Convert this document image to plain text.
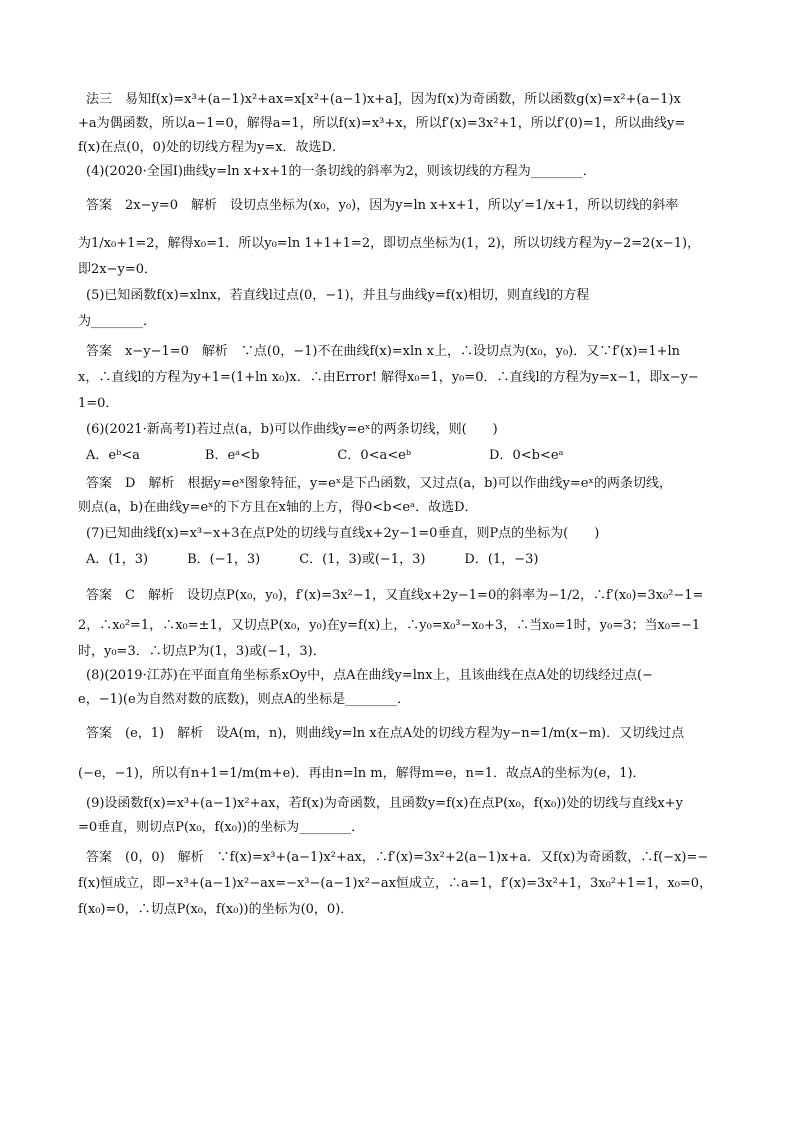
法三　易知f(x)=x³+(a−1)x²+ax=x[x²+(a−1)x+a]，因为f(x)为奇函数，所以函数g(x)=x²+(a−1)x
+a为偶函数，所以a−1=0，解得a=1，所以f(x)=x³+x，所以f′(x)=3x²+1，所以f′(0)=1，所以曲线y=
f(x)在点(0，0)处的切线方程为y=x．故选D．
(4)(2020·全国Ⅰ)曲线y=ln x+x+1的一条切线的斜率为2，则该切线的方程为________．
答案　2x−y=0　解析　设切点坐标为(x₀，y₀)，因为y=ln x+x+1，所以y′=1/x+1，所以切线的斜率
为1/x₀+1=2，解得x₀=1．所以y₀=ln 1+1+1=2，即切点坐标为(1，2)，所以切线方程为y−2=2(x−1)，
即2x−y=0．
(5)已知函数f(x)=xlnx，若直线l过点(0，−1)，并且与曲线y=f(x)相切，则直线l的方程
为________．
答案　x−y−1=0　解析　∵点(0，−1)不在曲线f(x)=xln x上，∴设切点为(x₀，y₀)．又∵f′(x)=1+ln
x，∴直线l的方程为y+1=(1+ln x₀)x．∴由Error! 解得x₀=1，y₀=0．∴直线l的方程为y=x−1，即x−y−
1=0．
(6)(2021·新高考Ⅰ)若过点(a，b)可以作曲线y=eˣ的两条切线，则(　　)
A．eᵇ<a　　　　　B．eᵃ<b　　　　　　C．0<a<eᵇ　　　　　　D．0<b<eᵃ
答案　D　解析　根据y=eˣ图象特征，y=eˣ是下凸函数，又过点(a，b)可以作曲线y=eˣ的两条切线，
则点(a，b)在曲线y=eˣ的下方且在x轴的上方，得0<b<eᵃ．故选D．
(7)已知曲线f(x)=x³−x+3在点P处的切线与直线x+2y−1=0垂直，则P点的坐标为(　　)
A．(1，3)　　　B．(−1，3)　　　C．(1，3)或(−1，3)　　　D．(1，−3)
答案　C　解析　设切点P(x₀，y₀)，f′(x)=3x²−1，又直线x+2y−1=0的斜率为−1/2，∴f′(x₀)=3x₀²−1=
2，∴x₀²=1，∴x₀=±1，又切点P(x₀，y₀)在y=f(x)上，∴y₀=x₀³−x₀+3，∴当x₀=1时，y₀=3；当x₀=−1
时，y₀=3．∴切点P为(1，3)或(−1，3)．
(8)(2019·江苏)在平面直角坐标系xOy中，点A在曲线y=lnx上，且该曲线在点A处的切线经过点(−
e，−1)(e为自然对数的底数)，则点A的坐标是________．
答案　(e，1)　解析　设A(m，n)，则曲线y=ln x在点A处的切线方程为y−n=1/m(x−m)．又切线过点
(−e，−1)，所以有n+1=1/m(m+e)．再由n=ln m，解得m=e，n=1．故点A的坐标为(e，1)．
(9)设函数f(x)=x³+(a−1)x²+ax，若f(x)为奇函数，且函数y=f(x)在点P(x₀，f(x₀))处的切线与直线x+y
=0垂直，则切点P(x₀，f(x₀))的坐标为________．
答案　(0，0)　解析　∵f(x)=x³+(a−1)x²+ax，∴f′(x)=3x²+2(a−1)x+a．又f(x)为奇函数，∴f(−x)=−
f(x)恒成立，即−x³+(a−1)x²−ax=−x³−(a−1)x²−ax恒成立，∴a=1，f′(x)=3x²+1，3x₀²+1=1，x₀=0，
f(x₀)=0，∴切点P(x₀，f(x₀))的坐标为(0，0)．
